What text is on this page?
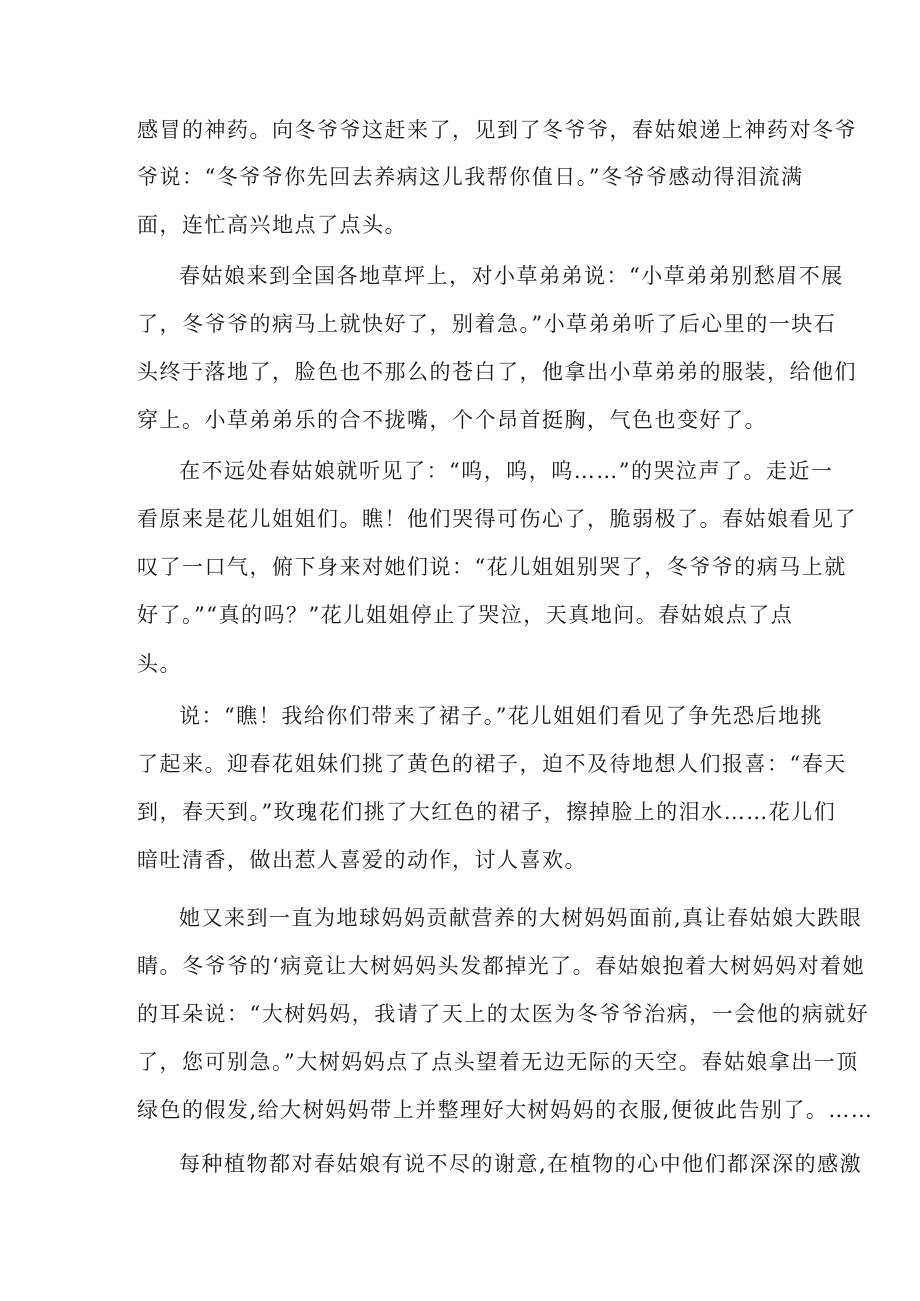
感冒的神药。向冬爷爷这赶来了，见到了冬爷爷，春姑娘递上神药对冬爷
爷说：“冬爷爷你先回去养病这儿我帮你值日。”冬爷爷感动得泪流满
面，连忙高兴地点了点头。
春姑娘来到全国各地草坪上，对小草弟弟说：“小草弟弟别愁眉不展
了，冬爷爷的病马上就快好了，别着急。”小草弟弟听了后心里的一块石
头终于落地了，脸色也不那么的苍白了，他拿出小草弟弟的服装，给他们
穿上。小草弟弟乐的合不拢嘴，个个昂首挺胸，气色也变好了。
在不远处春姑娘就听见了：“呜，呜，呜……”的哭泣声了。走近一
看原来是花儿姐姐们。瞧！他们哭得可伤心了，脆弱极了。春姑娘看见了
叹了一口气，俯下身来对她们说：“花儿姐姐别哭了，冬爷爷的病马上就
好了。”“真的吗？”花儿姐姐停止了哭泣，天真地问。春姑娘点了点
头。
说：“瞧！我给你们带来了裙子。”花儿姐姐们看见了争先恐后地挑
了起来。迎春花姐妹们挑了黄色的裙子，迫不及待地想人们报喜：“春天
到，春天到。”玫瑰花们挑了大红色的裙子，擦掉脸上的泪水……花儿们
暗吐清香，做出惹人喜爱的动作，讨人喜欢。
她又来到一直为地球妈妈贡献营养的大树妈妈面前,真让春姑娘大跌眼
睛。冬爷爷的‘病竟让大树妈妈头发都掉光了。春姑娘抱着大树妈妈对着她
的耳朵说：“大树妈妈，我请了天上的太医为冬爷爷治病，一会他的病就好
了，您可别急。”大树妈妈点了点头望着无边无际的天空。春姑娘拿出一顶
绿色的假发,给大树妈妈带上并整理好大树妈妈的衣服,便彼此告别了。……
每种植物都对春姑娘有说不尽的谢意,在植物的心中他们都深深的感激
